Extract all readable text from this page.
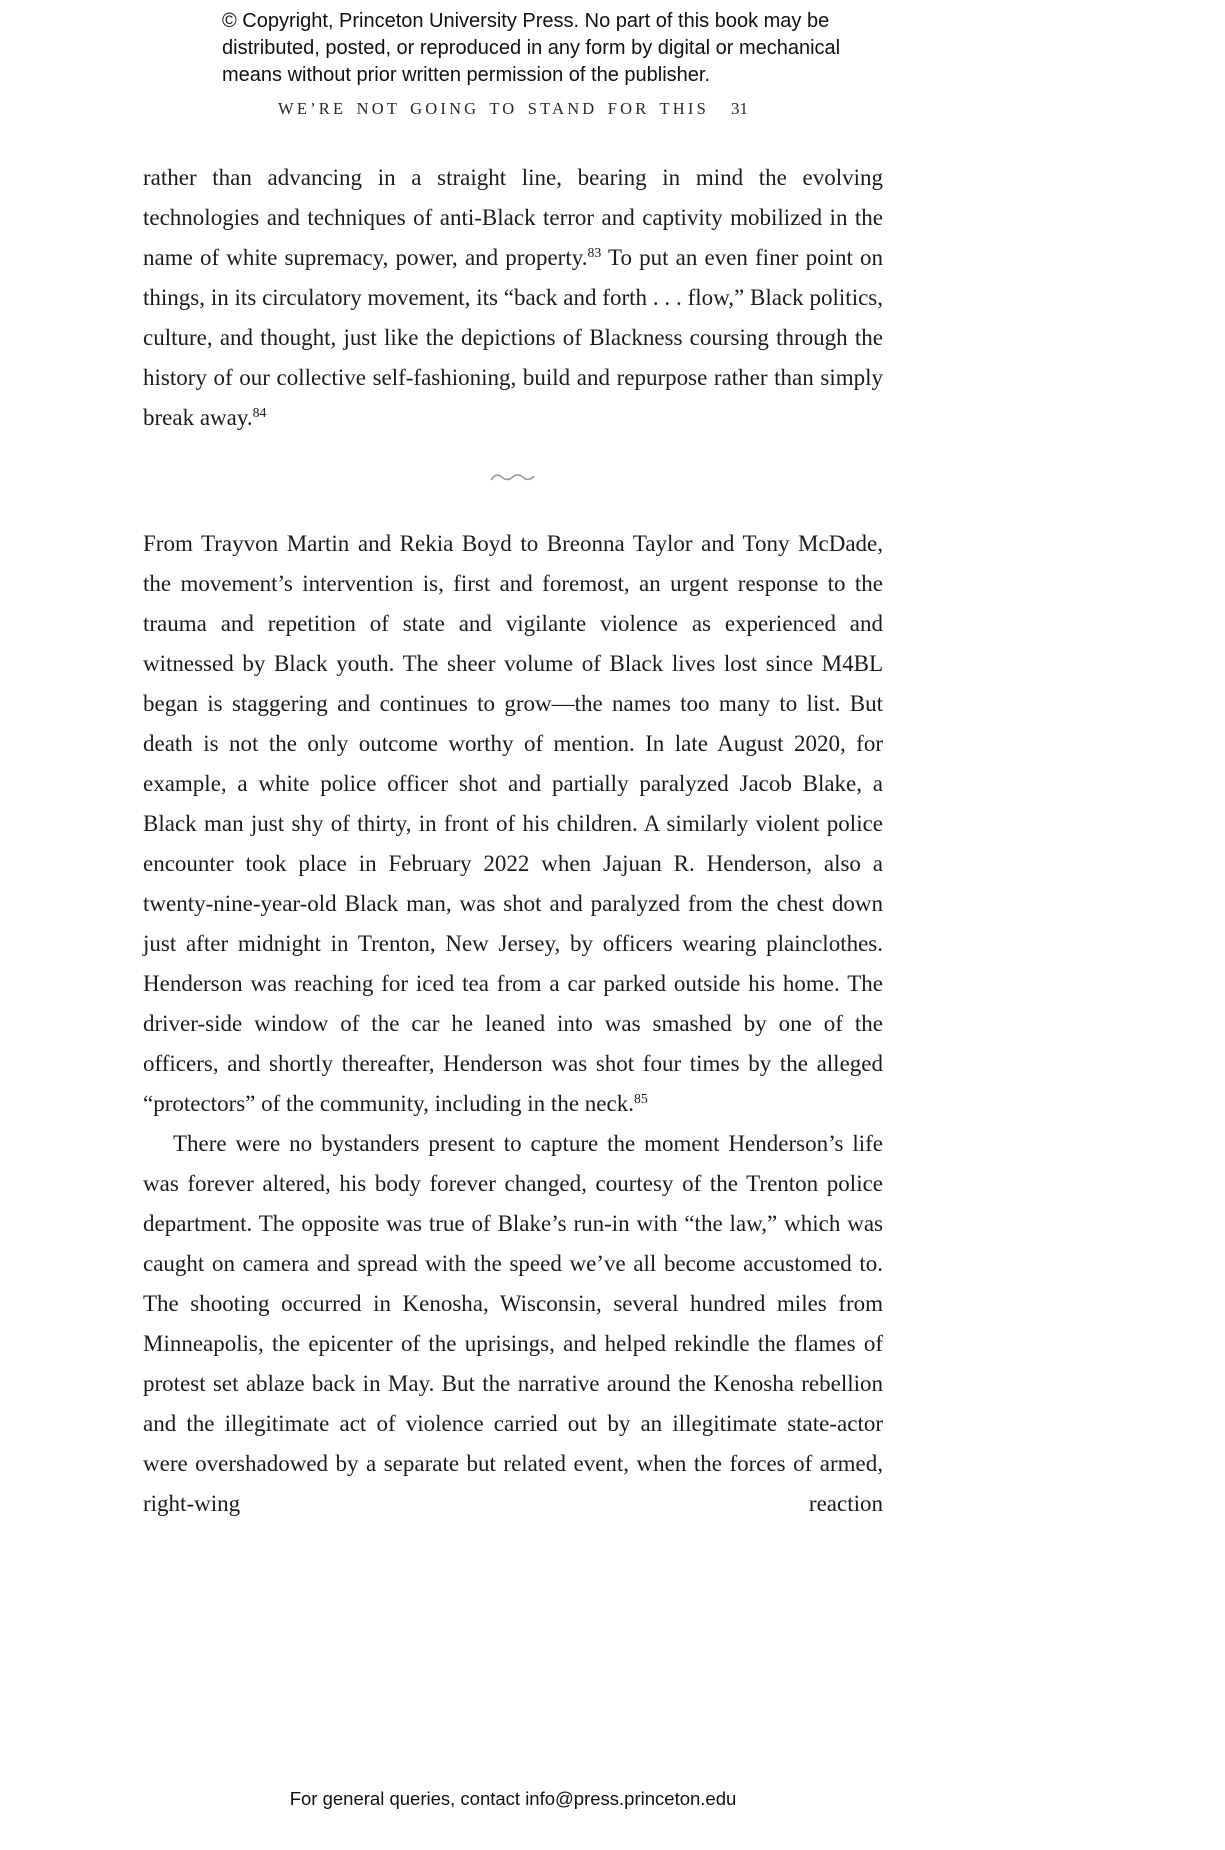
© Copyright, Princeton University Press. No part of this book may be
distributed, posted, or reproduced in any form by digital or mechanical
means without prior written permission of the publisher.
WE’RE NOT GOING TO STAND FOR THIS 31

rather than advancing in a straight line, bearing in mind the evolving technologies and techniques of anti-Black terror and captivity mobilized in the name of white supremacy, power, and property.$^{83}$ To put an even finer point on things, in its circulatory movement, its “back and forth . . . flow,” Black politics, culture, and thought, just like the depictions of Blackness coursing through the history of our collective self-fashioning, build and repurpose rather than simply break away.$^{84}$

From Trayvon Martin and Rekia Boyd to Breonna Taylor and Tony McDade, the movement’s intervention is, first and foremost, an urgent response to the trauma and repetition of state and vigilante violence as experienced and witnessed by Black youth. The sheer volume of Black lives lost since M4BL began is staggering and continues to grow—the names too many to list. But death is not the only outcome worthy of mention. In late August 2020, for example, a white police officer shot and partially paralyzed Jacob Blake, a Black man just shy of thirty, in front of his children. A similarly violent police encounter took place in February 2022 when Jajuan R. Henderson, also a twenty-nine-year-old Black man, was shot and paralyzed from the chest down just after midnight in Trenton, New Jersey, by officers wearing plainclothes. Henderson was reaching for iced tea from a car parked outside his home. The driver-side window of the car he leaned into was smashed by one of the officers, and shortly thereafter, Henderson was shot four times by the alleged “protectors” of the community, including in the neck.$^{85}$

There were no bystanders present to capture the moment Henderson’s life was forever altered, his body forever changed, courtesy of the Trenton police department. The opposite was true of Blake’s run-in with “the law,” which was caught on camera and spread with the speed we’ve all become accustomed to. The shooting occurred in Kenosha, Wisconsin, several hundred miles from Minneapolis, the epicenter of the uprisings, and helped rekindle the flames of protest set ablaze back in May. But the narrative around the Kenosha rebellion and the illegitimate act of violence carried out by an illegitimate state-actor were overshadowed by a separate but related event, when the forces of armed, right-wing reaction

For general queries, contact info@press.princeton.edu
